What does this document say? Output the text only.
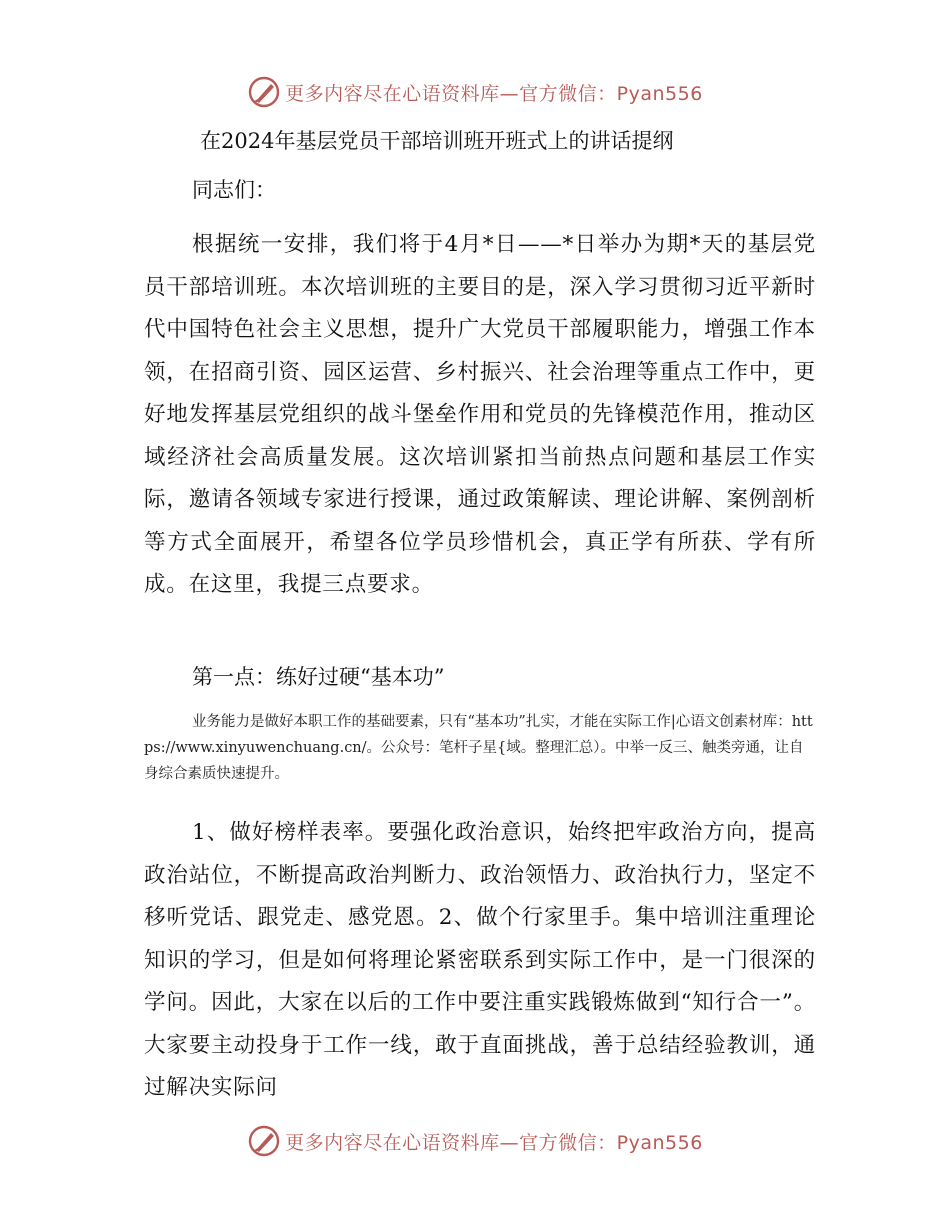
更多内容尽在心语资料库—官方微信：Pyan556
在2024年基层党员干部培训班开班式上的讲话提纲
同志们：

根据统一安排，我们将于4月*日——*日举办为期*天的基层党员干部培训班。本次培训班的主要目的是，深入学习贯彻习近平新时代中国特色社会主义思想，提升广大党员干部履职能力，增强工作本领，在招商引资、园区运营、乡村振兴、社会治理等重点工作中，更好地发挥基层党组织的战斗堡垒作用和党员的先锋模范作用，推动区域经济社会高质量发展。这次培训紧扣当前热点问题和基层工作实际，邀请各领域专家进行授课，通过政策解读、理论讲解、案例剖析等方式全面展开，希望各位学员珍惜机会，真正学有所获、学有所成。在这里，我提三点要求。

第一点：练好过硬“基本功”

业务能力是做好本职工作的基础要素，只有“基本功”扎实，才能在实际工作|心语文创素材库：https://www.xinyuwenchuang.cn/。公众号：笔杆子星{域。整理汇总）。中举一反三、触类旁通，让自身综合素质快速提升。

1、做好榜样表率。要强化政治意识，始终把牢政治方向，提高政治站位，不断提高政治判断力、政治领悟力、政治执行力，坚定不移听党话、跟党走、感党恩。2、做个行家里手。集中培训注重理论知识的学习，但是如何将理论紧密联系到实际工作中，是一门很深的学问。因此，大家在以后的工作中要注重实践锻炼做到“知行合一”。大家要主动投身于工作一线，敢于直面挑战，善于总结经验教训，通过解决实际问

更多内容尽在心语资料库—官方微信：Pyan556
